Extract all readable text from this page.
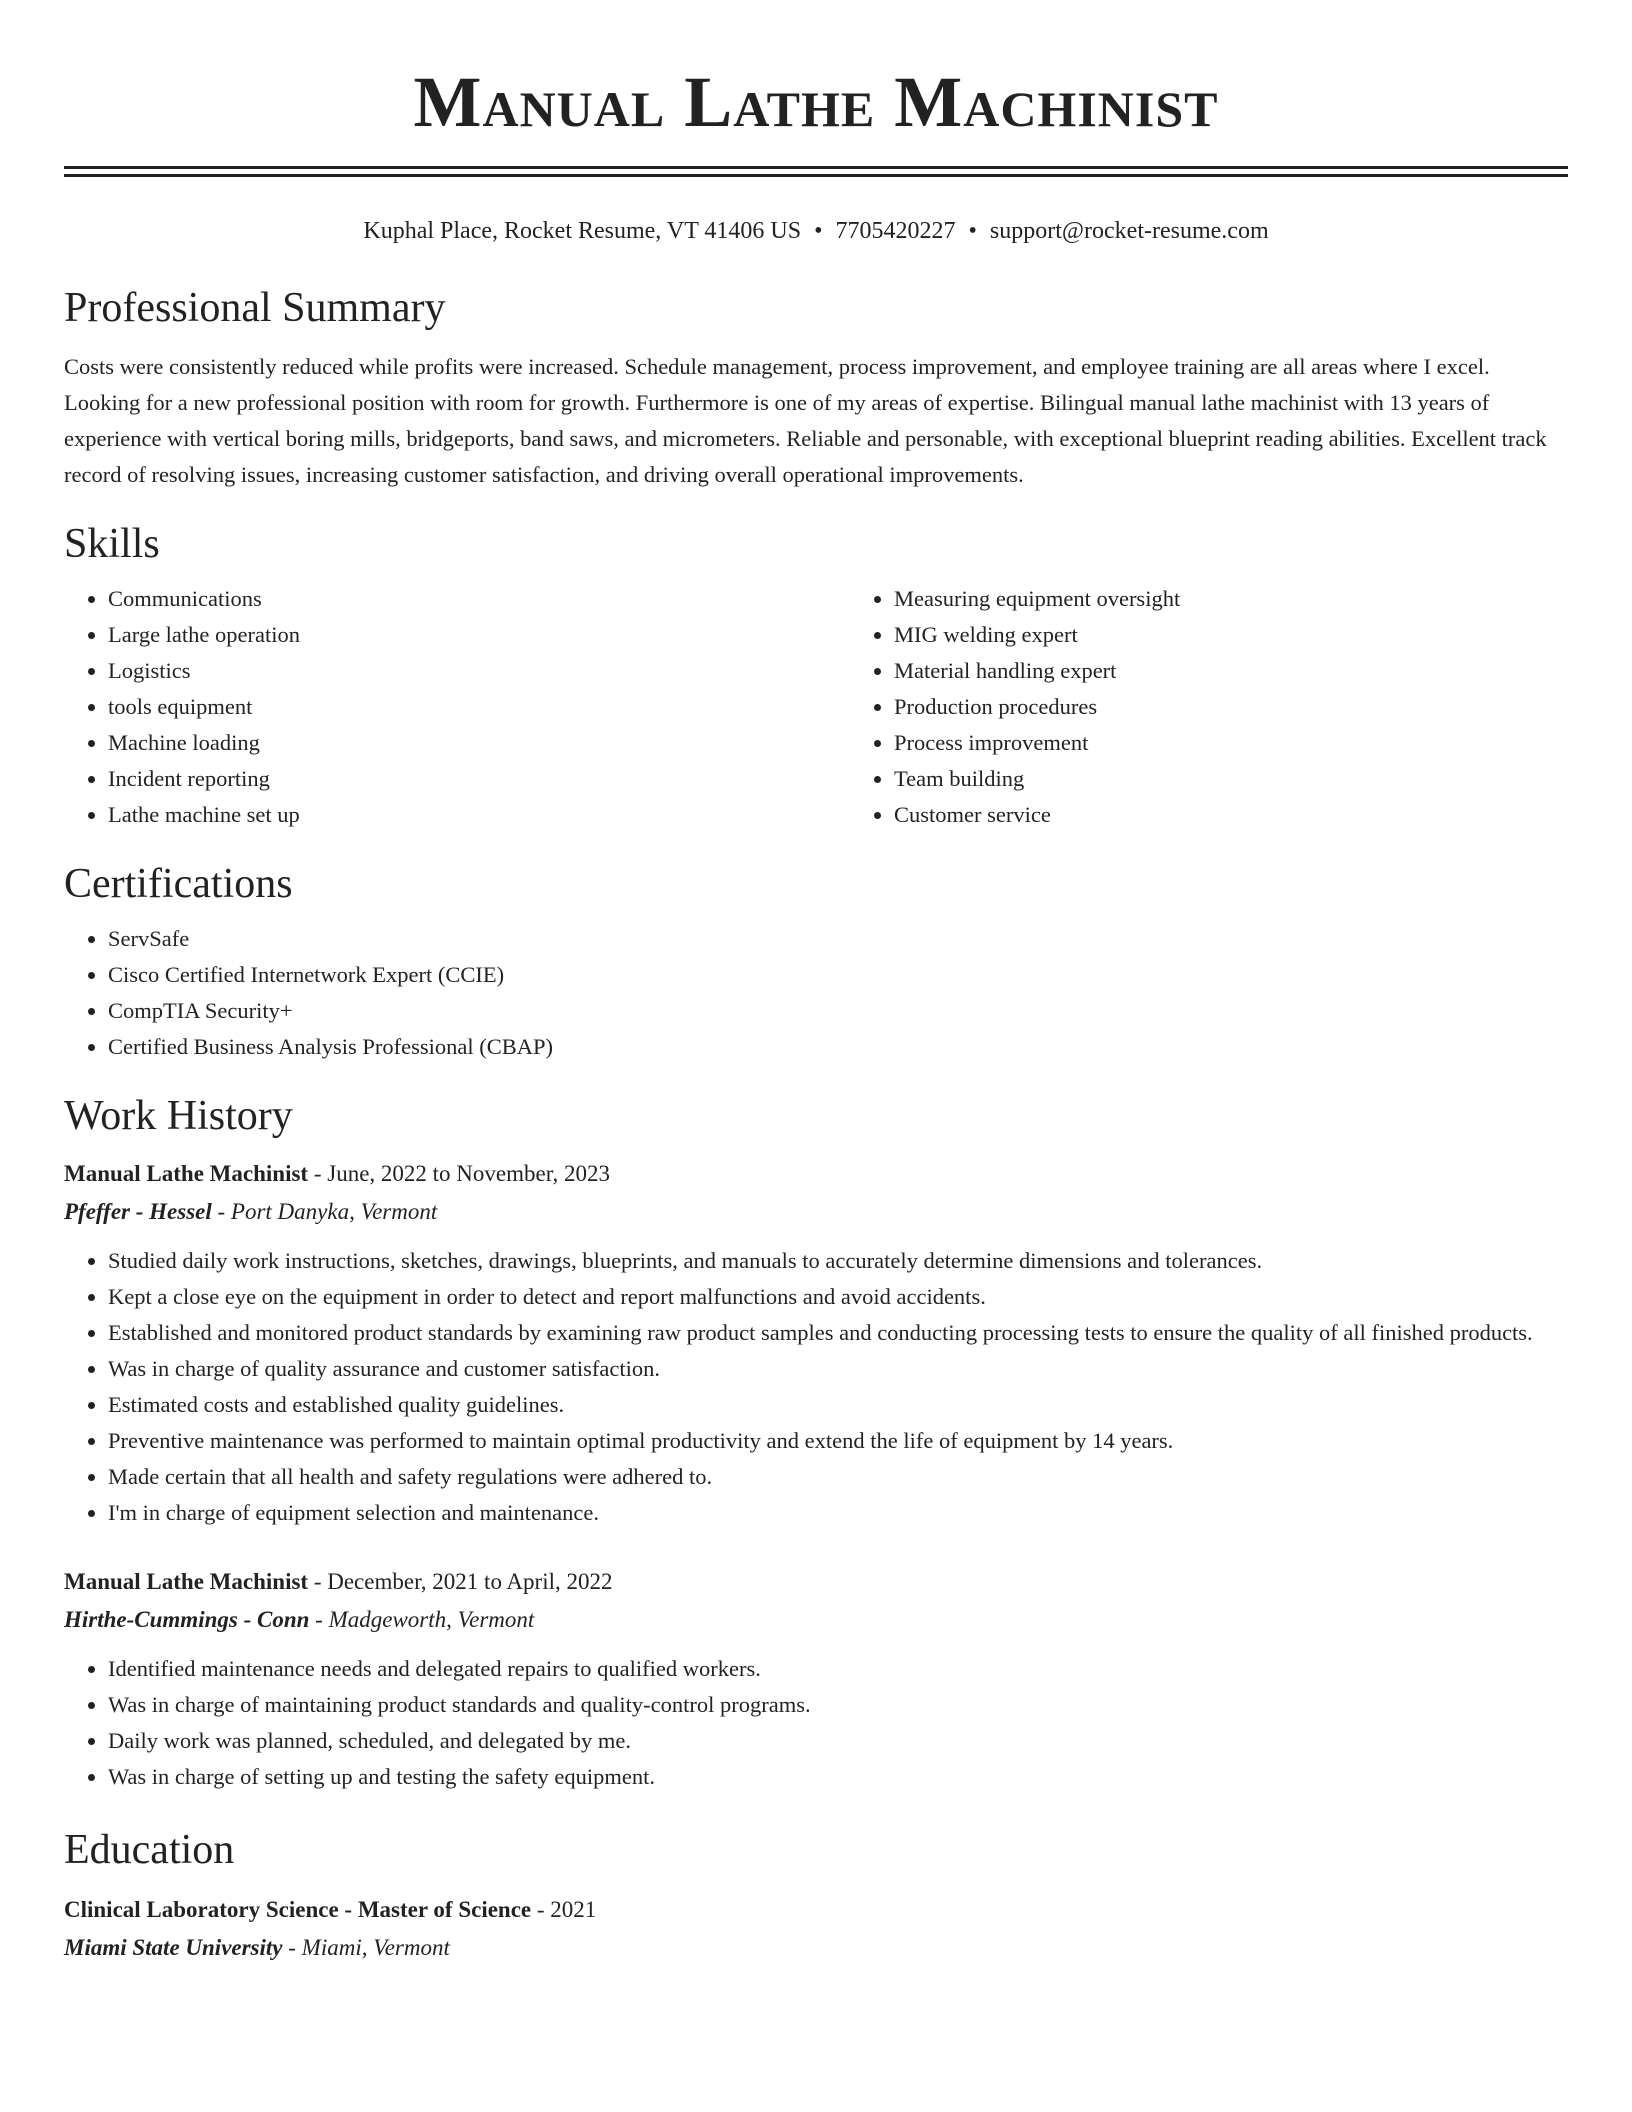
Manual Lathe Machinist
Kuphal Place, Rocket Resume, VT 41406 US • 7705420227 • support@rocket-resume.com
Professional Summary

Costs were consistently reduced while profits were increased. Schedule management, process improvement, and employee training are all areas where I excel. Looking for a new professional position with room for growth. Furthermore is one of my areas of expertise. Bilingual manual lathe machinist with 13 years of experience with vertical boring mills, bridgeports, band saws, and micrometers. Reliable and personable, with exceptional blueprint reading abilities. Excellent track record of resolving issues, increasing customer satisfaction, and driving overall operational improvements.

Skills
• Communications
• Large lathe operation
• Logistics
• tools equipment
• Machine loading
• Incident reporting
• Lathe machine set up
• Measuring equipment oversight
• MIG welding expert
• Material handling expert
• Production procedures
• Process improvement
• Team building
• Customer service
Certifications
• ServSafe
• Cisco Certified Internetwork Expert (CCIE)
• CompTIA Security+
• Certified Business Analysis Professional (CBAP)
Work History
Manual Lathe Machinist - June, 2022 to November, 2023
Pfeffer - Hessel - Port Danyka, Vermont
• Studied daily work instructions, sketches, drawings, blueprints, and manuals to accurately determine dimensions and tolerances.
• Kept a close eye on the equipment in order to detect and report malfunctions and avoid accidents.
• Established and monitored product standards by examining raw product samples and conducting processing tests to ensure the quality of all finished products.
• Was in charge of quality assurance and customer satisfaction.
• Estimated costs and established quality guidelines.
• Preventive maintenance was performed to maintain optimal productivity and extend the life of equipment by 14 years.
• Made certain that all health and safety regulations were adhered to.
• I'm in charge of equipment selection and maintenance.
Manual Lathe Machinist - December, 2021 to April, 2022
Hirthe-Cummings - Conn - Madgeworth, Vermont
• Identified maintenance needs and delegated repairs to qualified workers.
• Was in charge of maintaining product standards and quality-control programs.
• Daily work was planned, scheduled, and delegated by me.
• Was in charge of setting up and testing the safety equipment.
Education
Clinical Laboratory Science - Master of Science - 2021
Miami State University - Miami, Vermont
